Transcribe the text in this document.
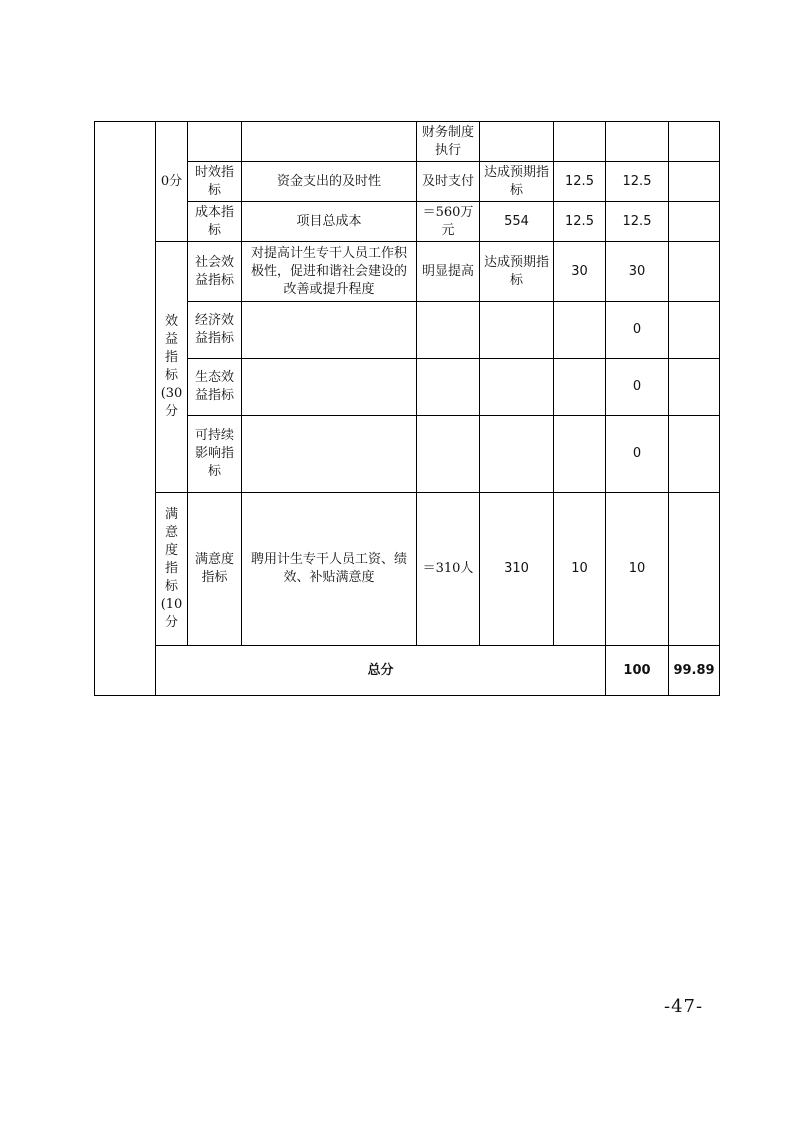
	0分			财务制度执行					
		时效指标	资金支出的及时性	及时支付	达成预期指标	12.5	12.5		
		成本指标	项目总成本	＝560万元	554	12.5	12.5		
	效益指标(30分	社会效益指标	对提高计生专干人员工作积极性，促进和谐社会建设的改善或提升程度	明显提高	达成预期指标	30	30		
		经济效益指标					0		
		生态效益指标					0		
		可持续影响指标					0		
	满意度指标(10分	满意度指标	聘用计生专干人员工资、绩效、补贴满意度	＝310人	310	10	10		
	总分						100	99.89	
-47-
